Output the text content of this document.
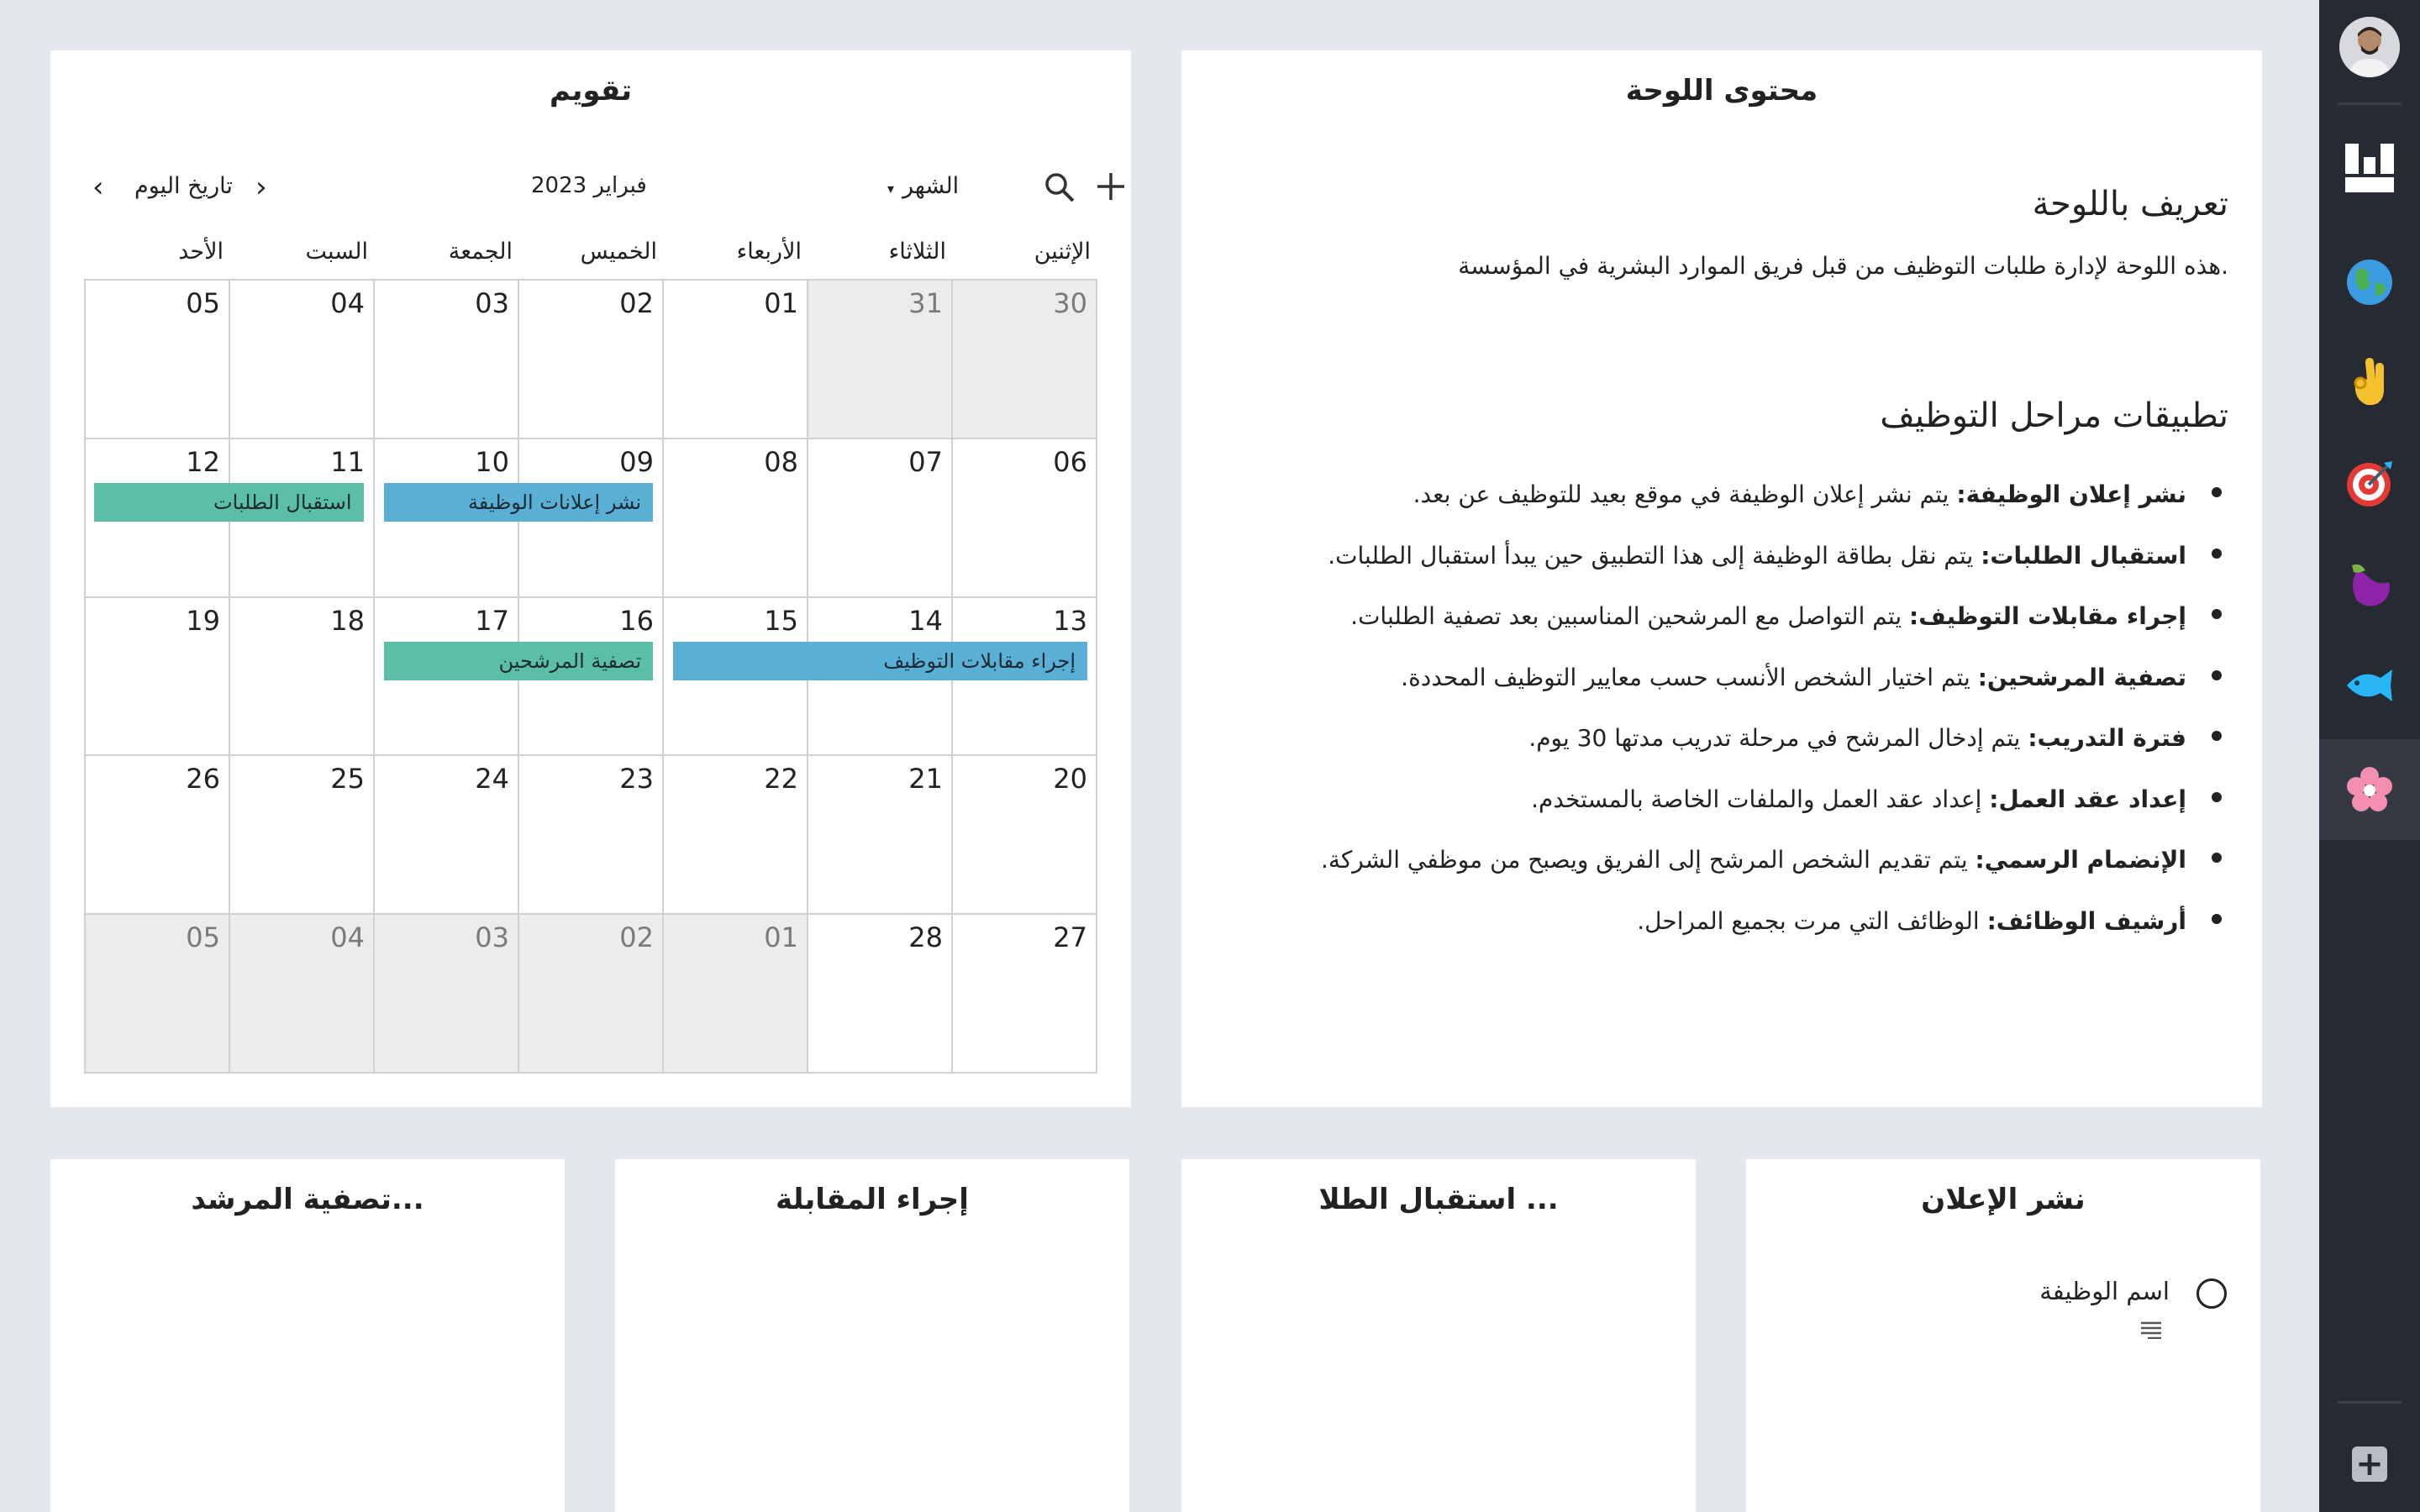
+
تقويم
‹ تاريخ اليوم ›	فبراير 2023	▾ الشهر
الإثنين
الثلاثاء
الأربعاء
الخميس
الجمعة
السبت
الأحد
30
31
01
02
03
04
05
06
07
08
09
10
11
12
13
14
15
16
17
18
19
20
21
22
23
24
25
26
27
28
01
02
03
04
05
نشر إعلانات الوظيفة
استقبال الطلبات
إجراء مقابلات التوظيف
تصفية المرشحين
محتوى اللوحة
تعريف باللوحة
هذه اللوحة لإدارة طلبات التوظيف من قبل فريق الموارد البشرية في المؤسسة.
تطبيقات مراحل التوظيف
نشر إعلان الوظيفة: يتم نشر إعلان الوظيفة في موقع بعيد للتوظيف عن بعد.
استقبال الطلبات: يتم نقل بطاقة الوظيفة إلى هذا التطبيق حين يبدأ استقبال الطلبات.
إجراء مقابلات التوظيف: يتم التواصل مع المرشحين المناسبين بعد تصفية الطلبات.
تصفية المرشحين: يتم اختيار الشخص الأنسب حسب معايير التوظيف المحددة.
فترة التدريب: يتم إدخال المرشح في مرحلة تدريب مدتها 30 يوم.
إعداد عقد العمل: إعداد عقد العمل والملفات الخاصة بالمستخدم.
الإنضمام الرسمي: يتم تقديم الشخص المرشح إلى الفريق ويصبح من موظفي الشركة.
أرشيف الوظائف: الوظائف التي مرت بجميع المراحل.
نشر الإعلان
اسم الوظيفة
استقبال الطلا ...
إجراء المقابلة
تصفية المرشد...
